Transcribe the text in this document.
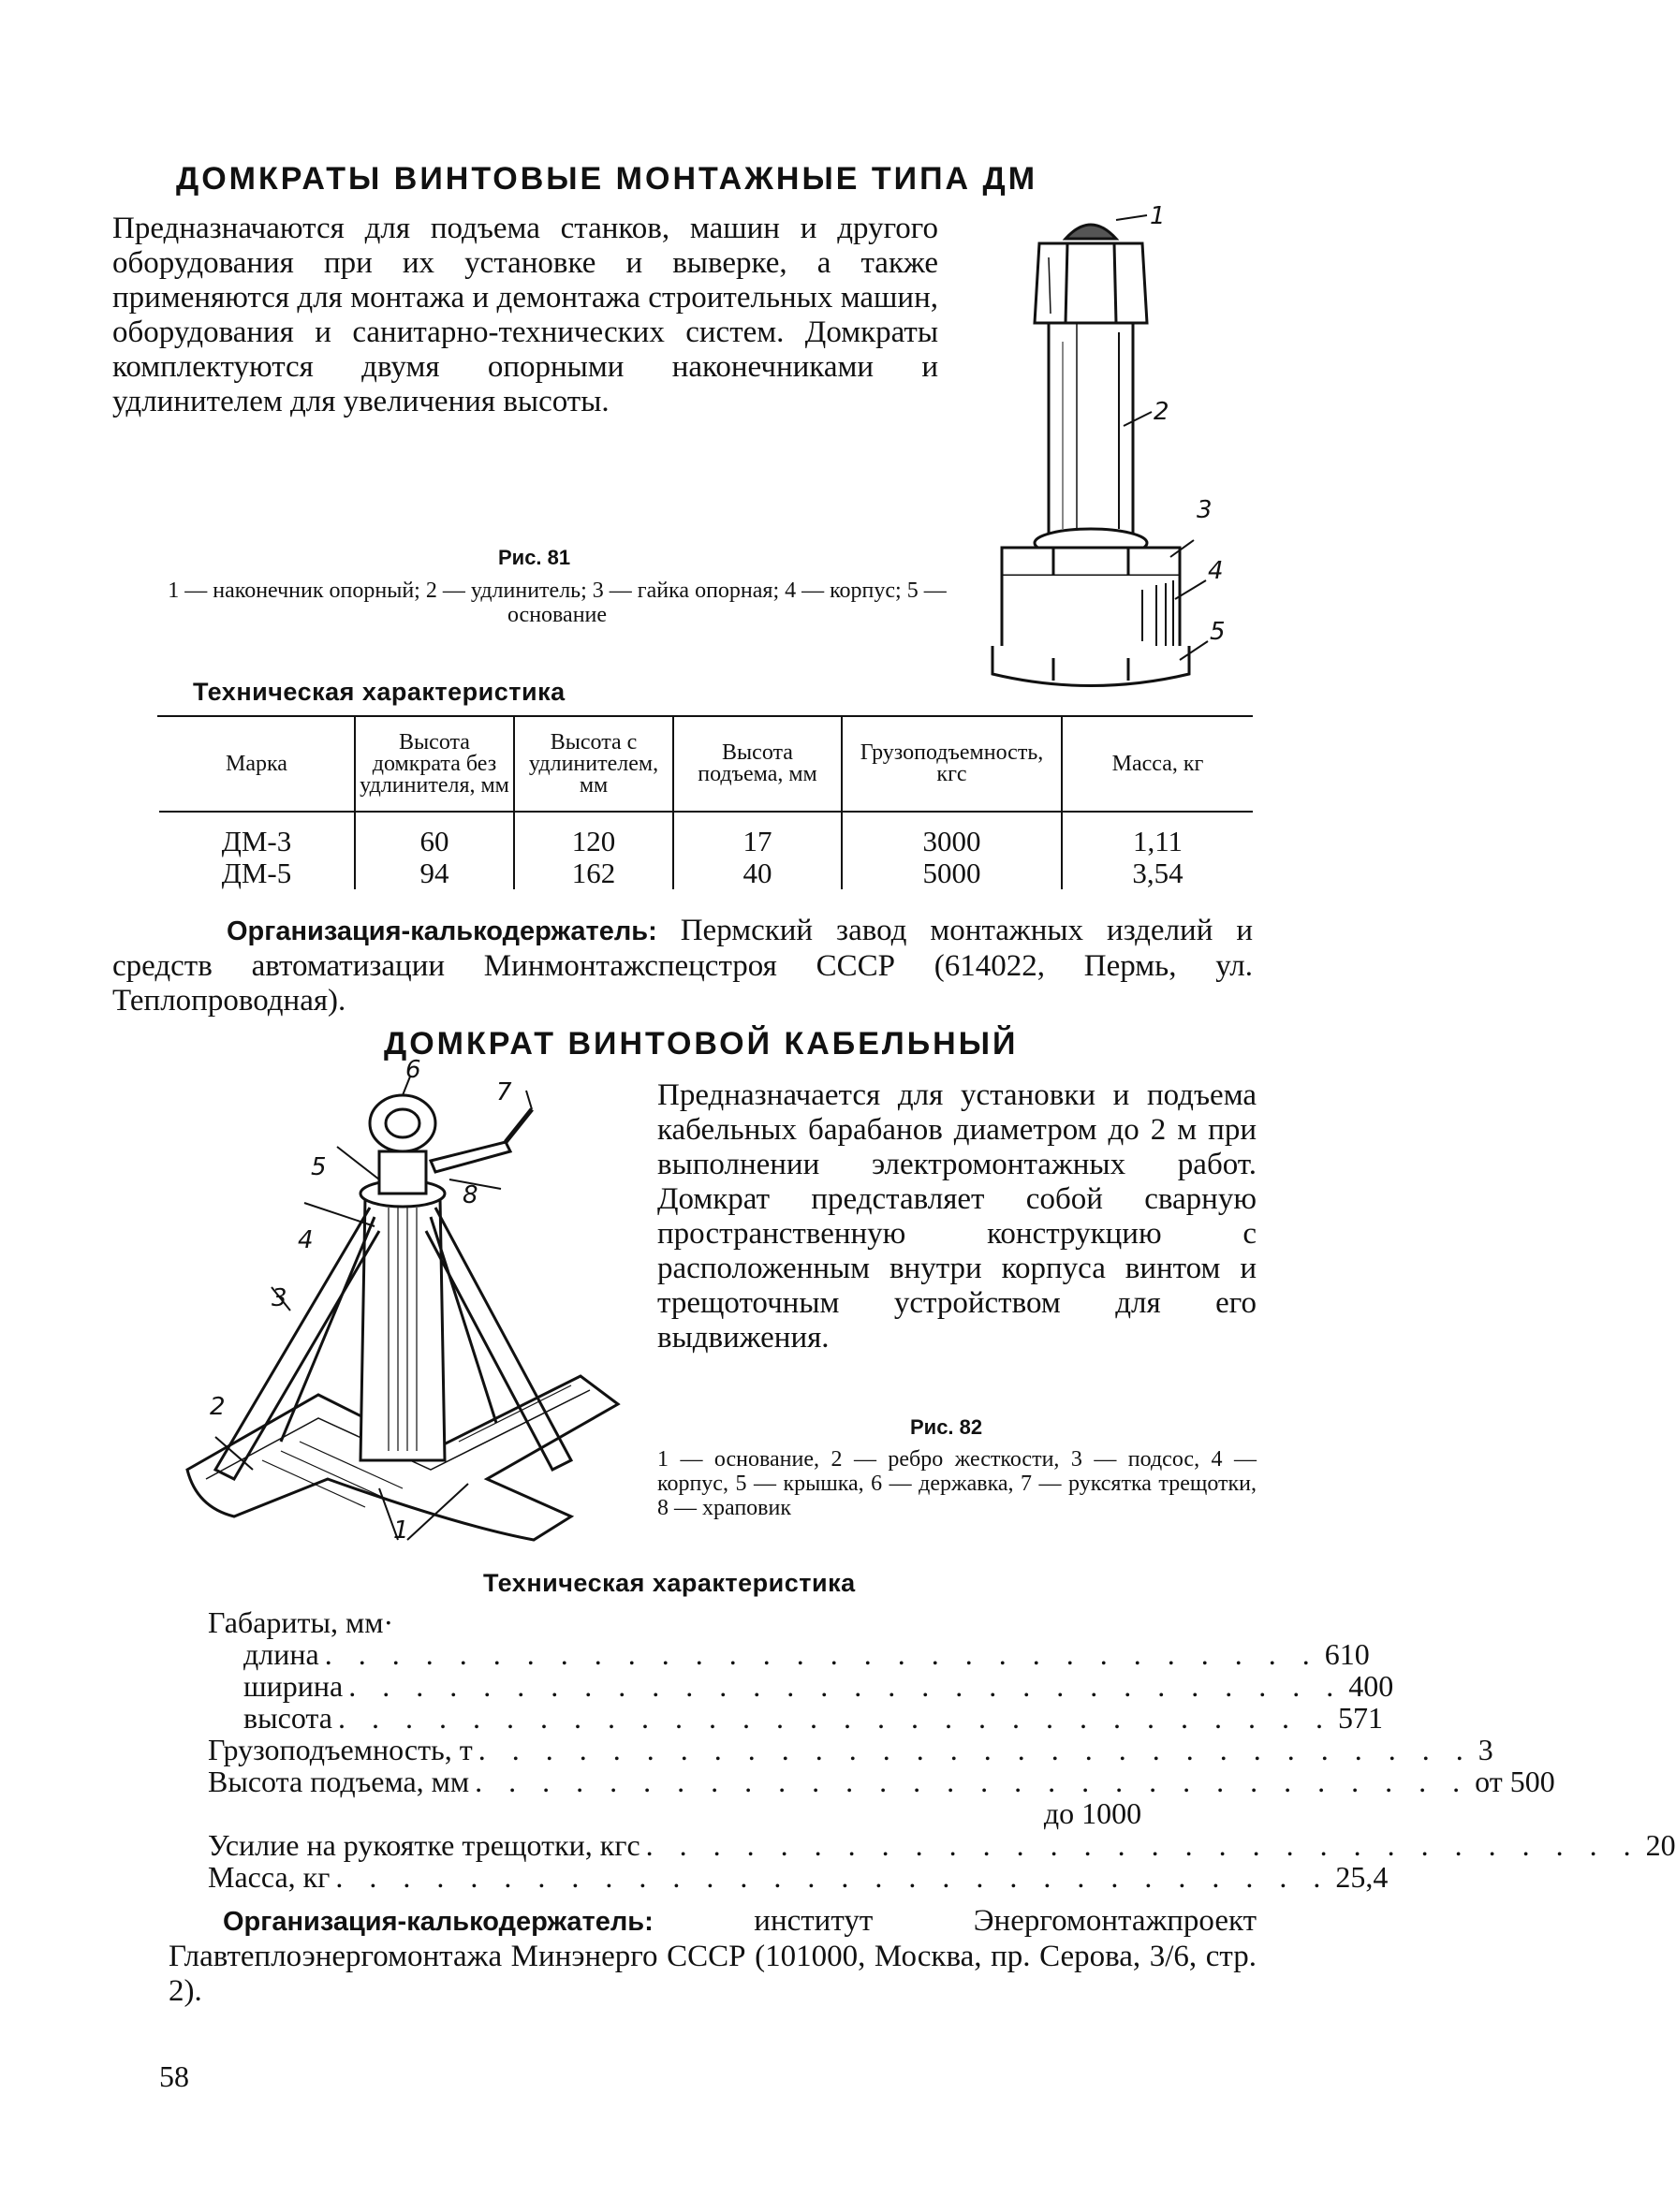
ДОМКРАТЫ ВИНТОВЫЕ МОНТАЖНЫЕ ТИПА ДМ
Предназначаются для подъема станков, машин и другого оборудования при их установке и выверке, а также применяются для монтажа и демонтажа строительных машин, оборудования и санитарно-технических систем. Домкраты комплектуются двумя опорными наконечниками и удлинителем для увеличения высоты.
1
2
3
4
5
Рис. 81
1 — наконечник опорный; 2 — удлинитель; 3 — гайка опорная; 4 — корпус; 5 — основание
Техническая характеристика
Марка	Высота домкрата без удлинителя, мм	Высота с удлинителем, мм	Высота подъема, мм	Грузоподъемность, кгс	Масса, кг
ДМ-3	60	120	17	3000	1,11
ДМ-5	94	162	40	5000	3,54
Организация-калькодержатель: Пермский завод монтажных изделий и средств автоматизации Минмонтажспецстроя СССР (614022, Пермь, ул. Теплопроводная).
ДОМКРАТ ВИНТОВОЙ КАБЕЛЬНЫЙ
6
7
5
8
4
3
2
1
Предназначается для установки и подъема кабельных барабанов диаметром до 2 м при выполнении электромонтажных работ. Домкрат представляет собой сварную пространственную конструкцию с расположенным внутри корпуса винтом и трещоточным устройством для его выдвижения.
Рис. 82
1 — основание, 2 — ребро жесткости, 3 — подсос, 4 — корпус, 5 — крышка, 6 — державка, 7 — руксятка трещотки, 8 — храповик
Техническая характеристика
Габариты, мм·
длина . . . . . . . . . . . . . . . . . . . . . . . . . . . . . . 610
ширина . . . . . . . . . . . . . . . . . . . . . . . . . . . . . . 400
высота . . . . . . . . . . . . . . . . . . . . . . . . . . . . . . 571
Грузоподъемность, т . . . . . . . . . . . . . . . . . . . . . . . . . . . . . . 3
Высота подъема, мм . . . . . . . . . . . . . . . . . . . . . . . . . . . . . . от 500
до 1000
Усилие на рукоятке трещотки, кгс . . . . . . . . . . . . . . . . . . . . . . . . . . . . . . 20
Масса, кг . . . . . . . . . . . . . . . . . . . . . . . . . . . . . . 25,4
Организация-калькодержатель:	институт Энергомонтажпроект Главтеплоэнергомонтажа Минэнерго СССР (101000, Москва, пр. Серова, 3/6, стр. 2).
58
